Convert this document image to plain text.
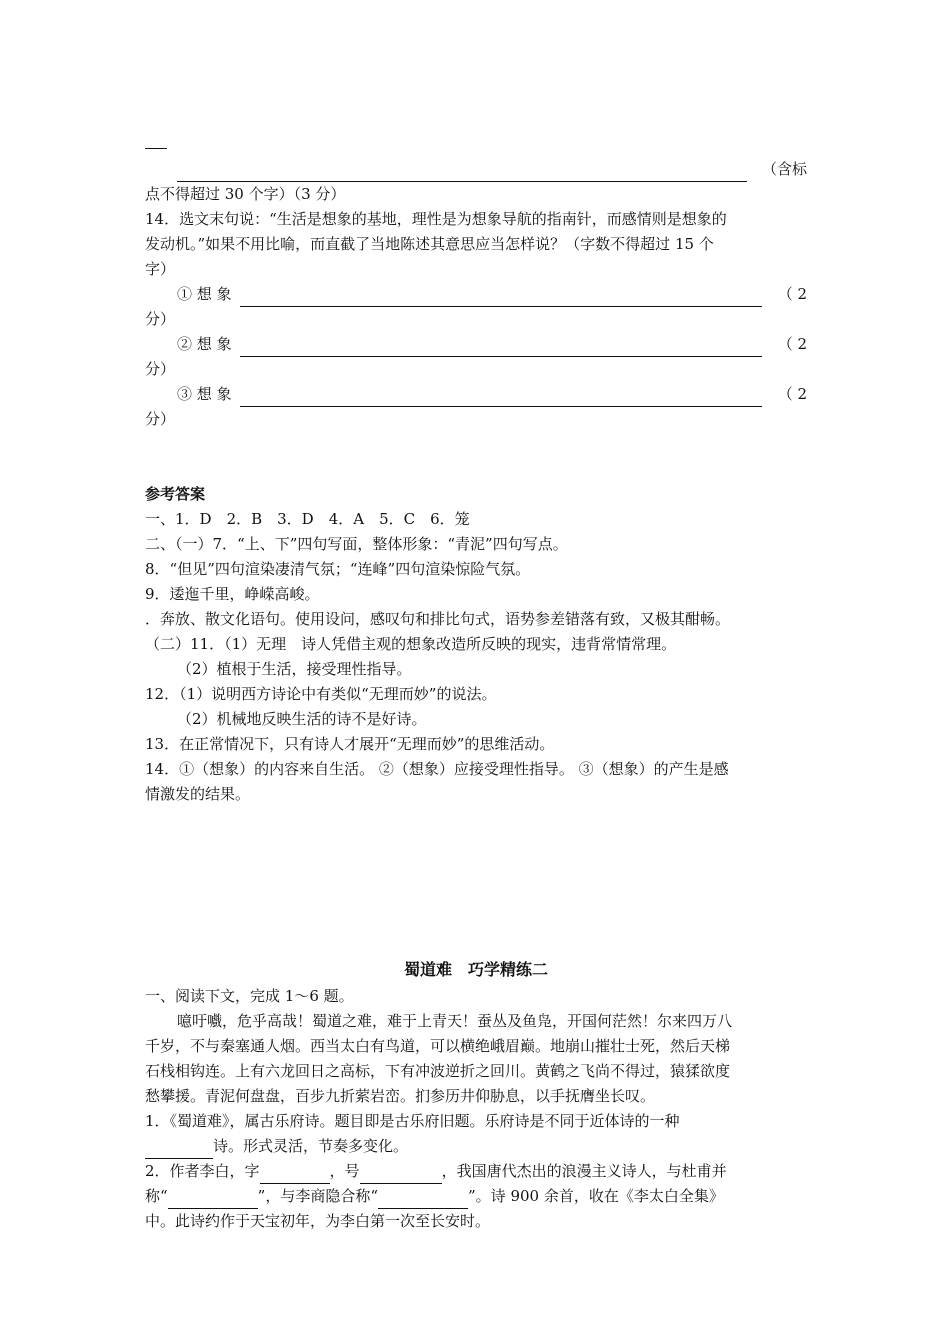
（含标
点不得超过 30 个字）（3 分）
14．选文末句说：“生活是想象的基地，理性是为想象导航的指南针，而感情则是想象的
发动机。”如果不用比喻，而直截了当地陈述其意思应当怎样说？（字数不得超过 15 个
字）
① 想 象	（ 2
分）
② 想 象	（ 2
分）
③ 想 象	（ 2
分）
参考答案
一、1．D　2．B　3．D　4．A　5．C　6．笼
二、（一）7．“上、下”四句写面，整体形象：“青泥”四句写点。
8．“但见”四句渲染凄清气氛；“连峰”四句渲染惊险气氛。
9．逶迤千里，峥嵘高峻。
．奔放、散文化语句。使用设问，感叹句和排比句式，语势参差错落有致，又极其酣畅。
（二）11．（1）无理　诗人凭借主观的想象改造所反映的现实，违背常情常理。
（2）植根于生活，接受理性指导。
12．（1）说明西方诗论中有类似“无理而妙”的说法。
（2）机械地反映生活的诗不是好诗。
13．在正常情况下，只有诗人才展开“无理而妙”的思维活动。
14．①（想象）的内容来自生活。 ②（想象）应接受理性指导。 ③（想象）的产生是感
情激发的结果。
蜀道难　巧学精练二
一、阅读下文，完成 1～6 题。
噫吁嚱，危乎高哉！蜀道之难，难于上青天！蚕丛及鱼凫，开国何茫然！尔来四万八
千岁，不与秦塞通人烟。西当太白有鸟道，可以横绝峨眉巅。地崩山摧壮士死，然后天梯
石栈相钩连。上有六龙回日之高标，下有冲波逆折之回川。黄鹤之飞尚不得过，猿猱欲度
愁攀援。青泥何盘盘，百步九折萦岩峦。扪参历井仰胁息，以手抚膺坐长叹。
1．《蜀道难》，属古乐府诗。题目即是古乐府旧题。乐府诗是不同于近体诗的一种
诗。形式灵活，节奏多变化。
2．作者李白，字	，号	，我国唐代杰出的浪漫主义诗人，与杜甫并
称“	”，与李商隐合称“	”。诗 900 余首，收在《李太白全集》
中。此诗约作于天宝初年，为李白第一次至长安时。
